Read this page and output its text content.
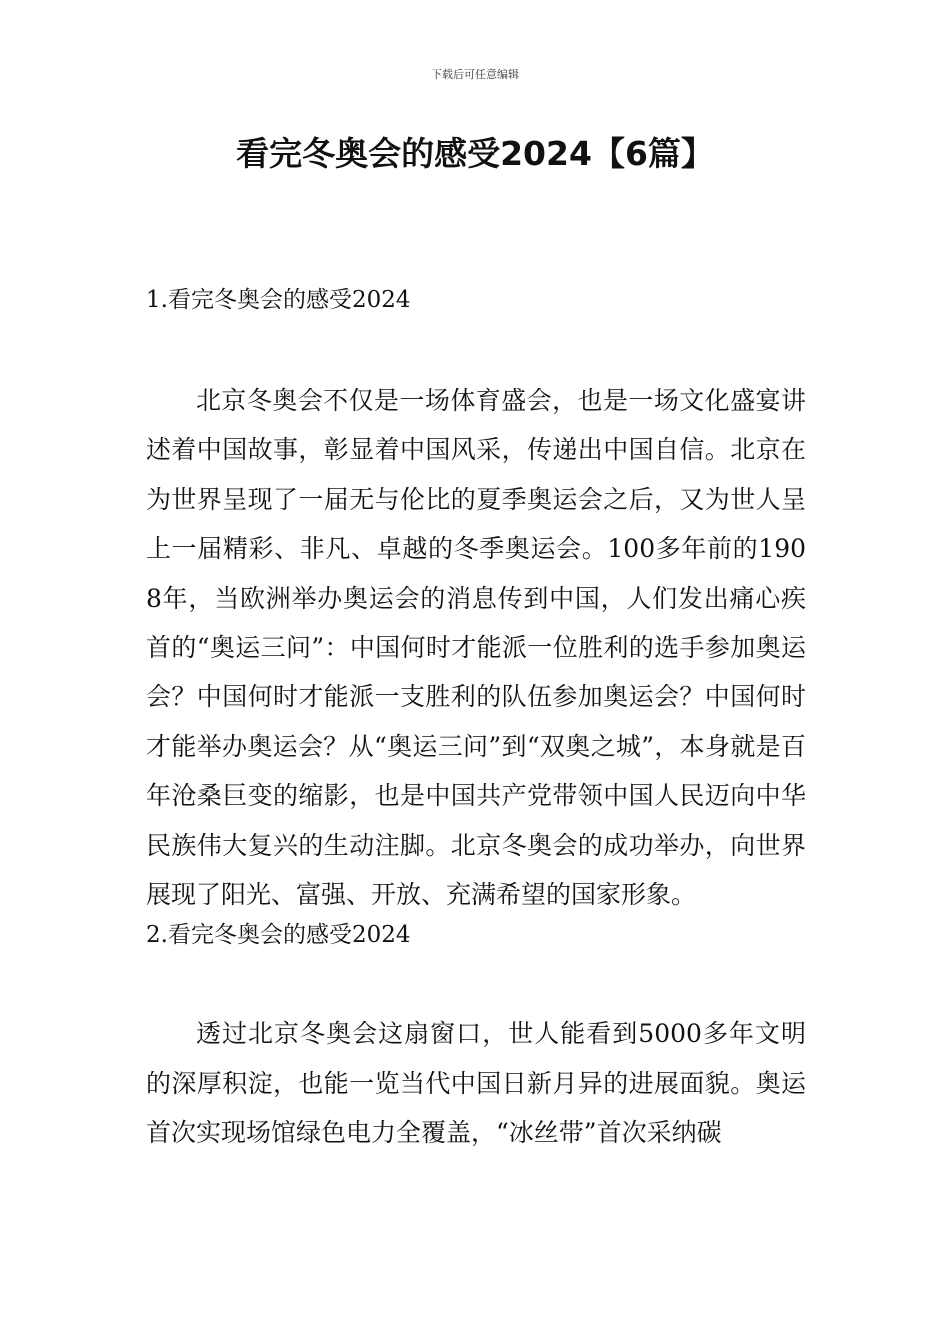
下载后可任意编辑
看完冬奥会的感受2024【6篇】

1.看完冬奥会的感受2024

北京冬奥会不仅是一场体育盛会，也是一场文化盛宴讲述着中国故事，彰显着中国风采，传递出中国自信。北京在为世界呈现了一届无与伦比的夏季奥运会之后，又为世人呈上一届精彩、非凡、卓越的冬季奥运会。100多年前的1908年，当欧洲举办奥运会的消息传到中国，人们发出痛心疾首的“奥运三问”：中国何时才能派一位胜利的选手参加奥运会？中国何时才能派一支胜利的队伍参加奥运会？中国何时才能举办奥运会？从“奥运三问”到“双奥之城”，本身就是百年沧桑巨变的缩影，也是中国共产党带领中国人民迈向中华民族伟大复兴的生动注脚。北京冬奥会的成功举办，向世界展现了阳光、富强、开放、充满希望的国家形象。

2.看完冬奥会的感受2024

透过北京冬奥会这扇窗口，世人能看到5000多年文明的深厚积淀，也能一览当代中国日新月异的进展面貌。奥运首次实现场馆绿色电力全覆盖，“冰丝带”首次采纳碳
